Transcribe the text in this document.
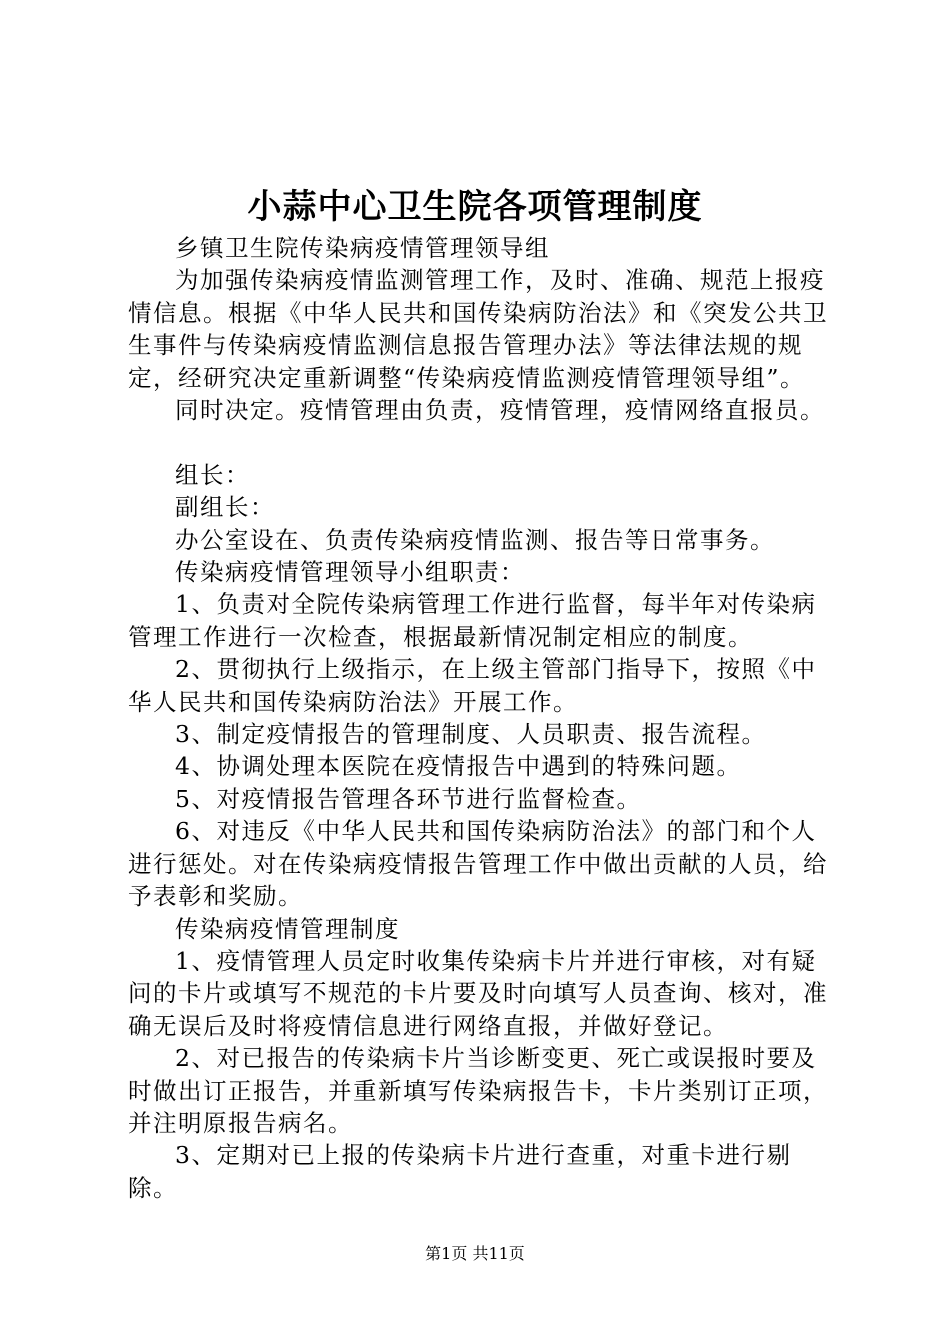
小蒜中心卫生院各项管理制度

乡镇卫生院传染病疫情管理领导组

为加强传染病疫情监测管理工作，及时、准确、规范上报疫情信息。根据《中华人民共和国传染病防治法》和《突发公共卫生事件与传染病疫情监测信息报告管理办法》等法律法规的规定，经研究决定重新调整“传染病疫情监测疫情管理领导组”。

同时决定。疫情管理由负责，疫情管理，疫情网络直报员。

组长：

副组长：

办公室设在、负责传染病疫情监测、报告等日常事务。

传染病疫情管理领导小组职责：

1、负责对全院传染病管理工作进行监督，每半年对传染病管理工作进行一次检查，根据最新情况制定相应的制度。

2、贯彻执行上级指示，在上级主管部门指导下，按照《中华人民共和国传染病防治法》开展工作。

3、制定疫情报告的管理制度、人员职责、报告流程。

4、协调处理本医院在疫情报告中遇到的特殊问题。

5、对疫情报告管理各环节进行监督检查。

6、对违反《中华人民共和国传染病防治法》的部门和个人进行惩处。对在传染病疫情报告管理工作中做出贡献的人员，给予表彰和奖励。

传染病疫情管理制度

1、疫情管理人员定时收集传染病卡片并进行审核，对有疑问的卡片或填写不规范的卡片要及时向填写人员查询、核对，准确无误后及时将疫情信息进行网络直报，并做好登记。

2、对已报告的传染病卡片当诊断变更、死亡或误报时要及时做出订正报告，并重新填写传染病报告卡，卡片类别订正项，并注明原报告病名。

3、定期对已上报的传染病卡片进行查重，对重卡进行剔除。

第1页 共11页
